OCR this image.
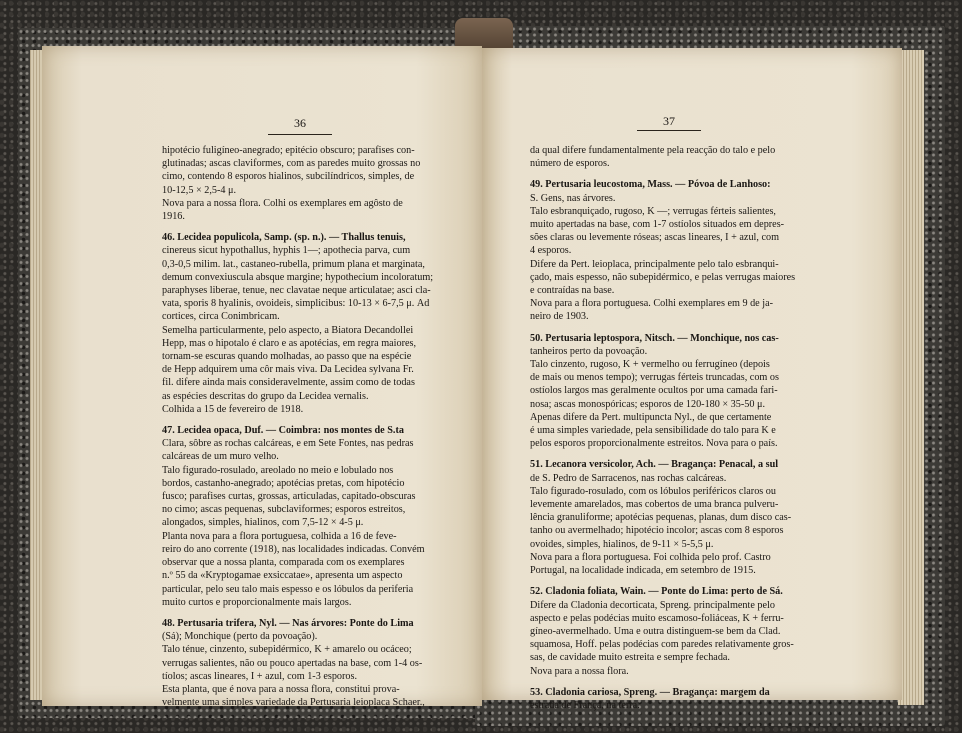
36
hipotécio fuligíneo-anegrado; epitécio obscuro; parafises con-
glutinadas; ascas claviformes, com as paredes muito grossas no
cimo, contendo 8 esporos hialinos, subcilíndricos, simples, de
10-12,5 × 2,5-4 μ.
Nova para a nossa flora. Colhi os exemplares em agôsto de
1916.
46. Lecidea populicola, Samp. (sp. n.). — Thallus tenuis,
cinereus sicut hypothallus, hyphis 1—; apothecia parva, cum
0,3-0,5 milim. lat., castaneo-rubella, primum plana et marginata,
demum convexiuscula absque margine; hypothecium incoloratum;
paraphyses liberae, tenue, nec clavatae neque articulatae; asci cla-
vata, sporis 8 hyalinis, ovoideis, simplicibus: 10-13 × 6-7,5 μ. Ad
cortices, circa Conimbricam.
Semelha particularmente, pelo aspecto, a Biatora Decandollei
Hepp, mas o hipotalo é claro e as apotécias, em regra maiores,
tornam-se escuras quando molhadas, ao passo que na espécie
de Hepp adquirem uma côr mais viva. Da Lecidea sylvana Fr.
fil. difere ainda mais consideravelmente, assim como de todas
as espécies descritas do grupo da Lecidea vernalis.
Colhida a 15 de fevereiro de 1918.
47. Lecidea opaca, Duf. — Coimbra: nos montes de S.ta
Clara, sôbre as rochas calcáreas, e em Sete Fontes, nas pedras
calcáreas de um muro velho.
Talo figurado-rosulado, areolado no meio e lobulado nos
bordos, castanho-anegrado; apotécias pretas, com hipotécio
fusco; parafises curtas, grossas, articuladas, capitado-obscuras
no cimo; ascas pequenas, subclaviformes; esporos estreitos,
alongados, simples, hialinos, com 7,5-12 × 4-5 μ.
Planta nova para a flora portuguesa, colhida a 16 de feve-
reiro do ano corrente (1918), nas localidades indicadas. Convém
observar que a nossa planta, comparada com os exemplares
n.º 55 da «Kryptogamae exsiccatae», apresenta um aspecto
particular, pelo seu talo mais espesso e os lóbulos da periferia
muito curtos e proporcionalmente mais largos.
48. Pertusaria trifera, Nyl. — Nas árvores: Ponte do Lima
(Sá); Monchique (perto da povoação).
Talo ténue, cinzento, subepidérmico, K + amarelo ou ocáceo;
verrugas salientes, não ou pouco apertadas na base, com 1-4 os-
tíolos; ascas lineares, I + azul, com 1-3 esporos.
Esta planta, que é nova para a nossa flora, constitui prova-
velmente uma simples variedade da Pertusaria leioplaca Schaer.,
37
da qual difere fundamentalmente pela reacção do talo e pelo
número de esporos.
49. Pertusaria leucostoma, Mass. — Póvoa de Lanhoso:
S. Gens, nas árvores.
Talo esbranquiçado, rugoso, K —; verrugas férteis salientes,
muito apertadas na base, com 1-7 ostíolos situados em depres-
sões claras ou levemente róseas; ascas lineares, I + azul, com
4 esporos.
Difere da Pert. leioplaca, principalmente pelo talo esbranqui-
çado, mais espesso, não subepidérmico, e pelas verrugas maiores
e contraídas na base.
Nova para a flora portuguesa. Colhi exemplares em 9 de ja-
neiro de 1903.
50. Pertusaria leptospora, Nitsch. — Monchique, nos cas-
tanheiros perto da povoação.
Talo cinzento, rugoso, K + vermelho ou ferrugíneo (depois
de mais ou menos tempo); verrugas férteis truncadas, com os
ostíolos largos mas geralmente ocultos por uma camada fari-
nosa; ascas monospóricas; esporos de 120-180 × 35-50 μ.
Apenas difere da Pert. multipuncta Nyl., de que certamente
é uma simples variedade, pela sensibilidade do talo para K e
pelos esporos proporcionalmente estreitos. Nova para o país.
51. Lecanora versicolor, Ach. — Bragança: Penacal, a sul
de S. Pedro de Sarracenos, nas rochas calcáreas.
Talo figurado-rosulado, com os lóbulos periféricos claros ou
levemente amarelados, mas cobertos de uma branca pulveru-
lência granuliforme; apotécias pequenas, planas, dum disco cas-
tanho ou avermelhado; hipotécio incolor; ascas com 8 esporos
ovoides, simples, hialinos, de 9-11 × 5-5,5 μ.
Nova para a flora portuguesa. Foi colhida pelo prof. Castro
Portugal, na localidade indicada, em setembro de 1915.
52. Cladonia foliata, Wain. — Ponte do Lima: perto de Sá.
Difere da Cladonia decorticata, Spreng. principalmente pelo
aspecto e pelas podécias muito escamoso-foliáceas, K + ferru-
gíneo-avermelhado. Uma e outra distinguem-se bem da Clad.
squamosa, Hoff. pelas podécias com paredes relativamente gros-
sas, de cavidade muito estreita e sempre fechada.
Nova para a nossa flora.
53. Cladonia cariosa, Spreng. — Bragança: margem da
estrada de França, na terra.
